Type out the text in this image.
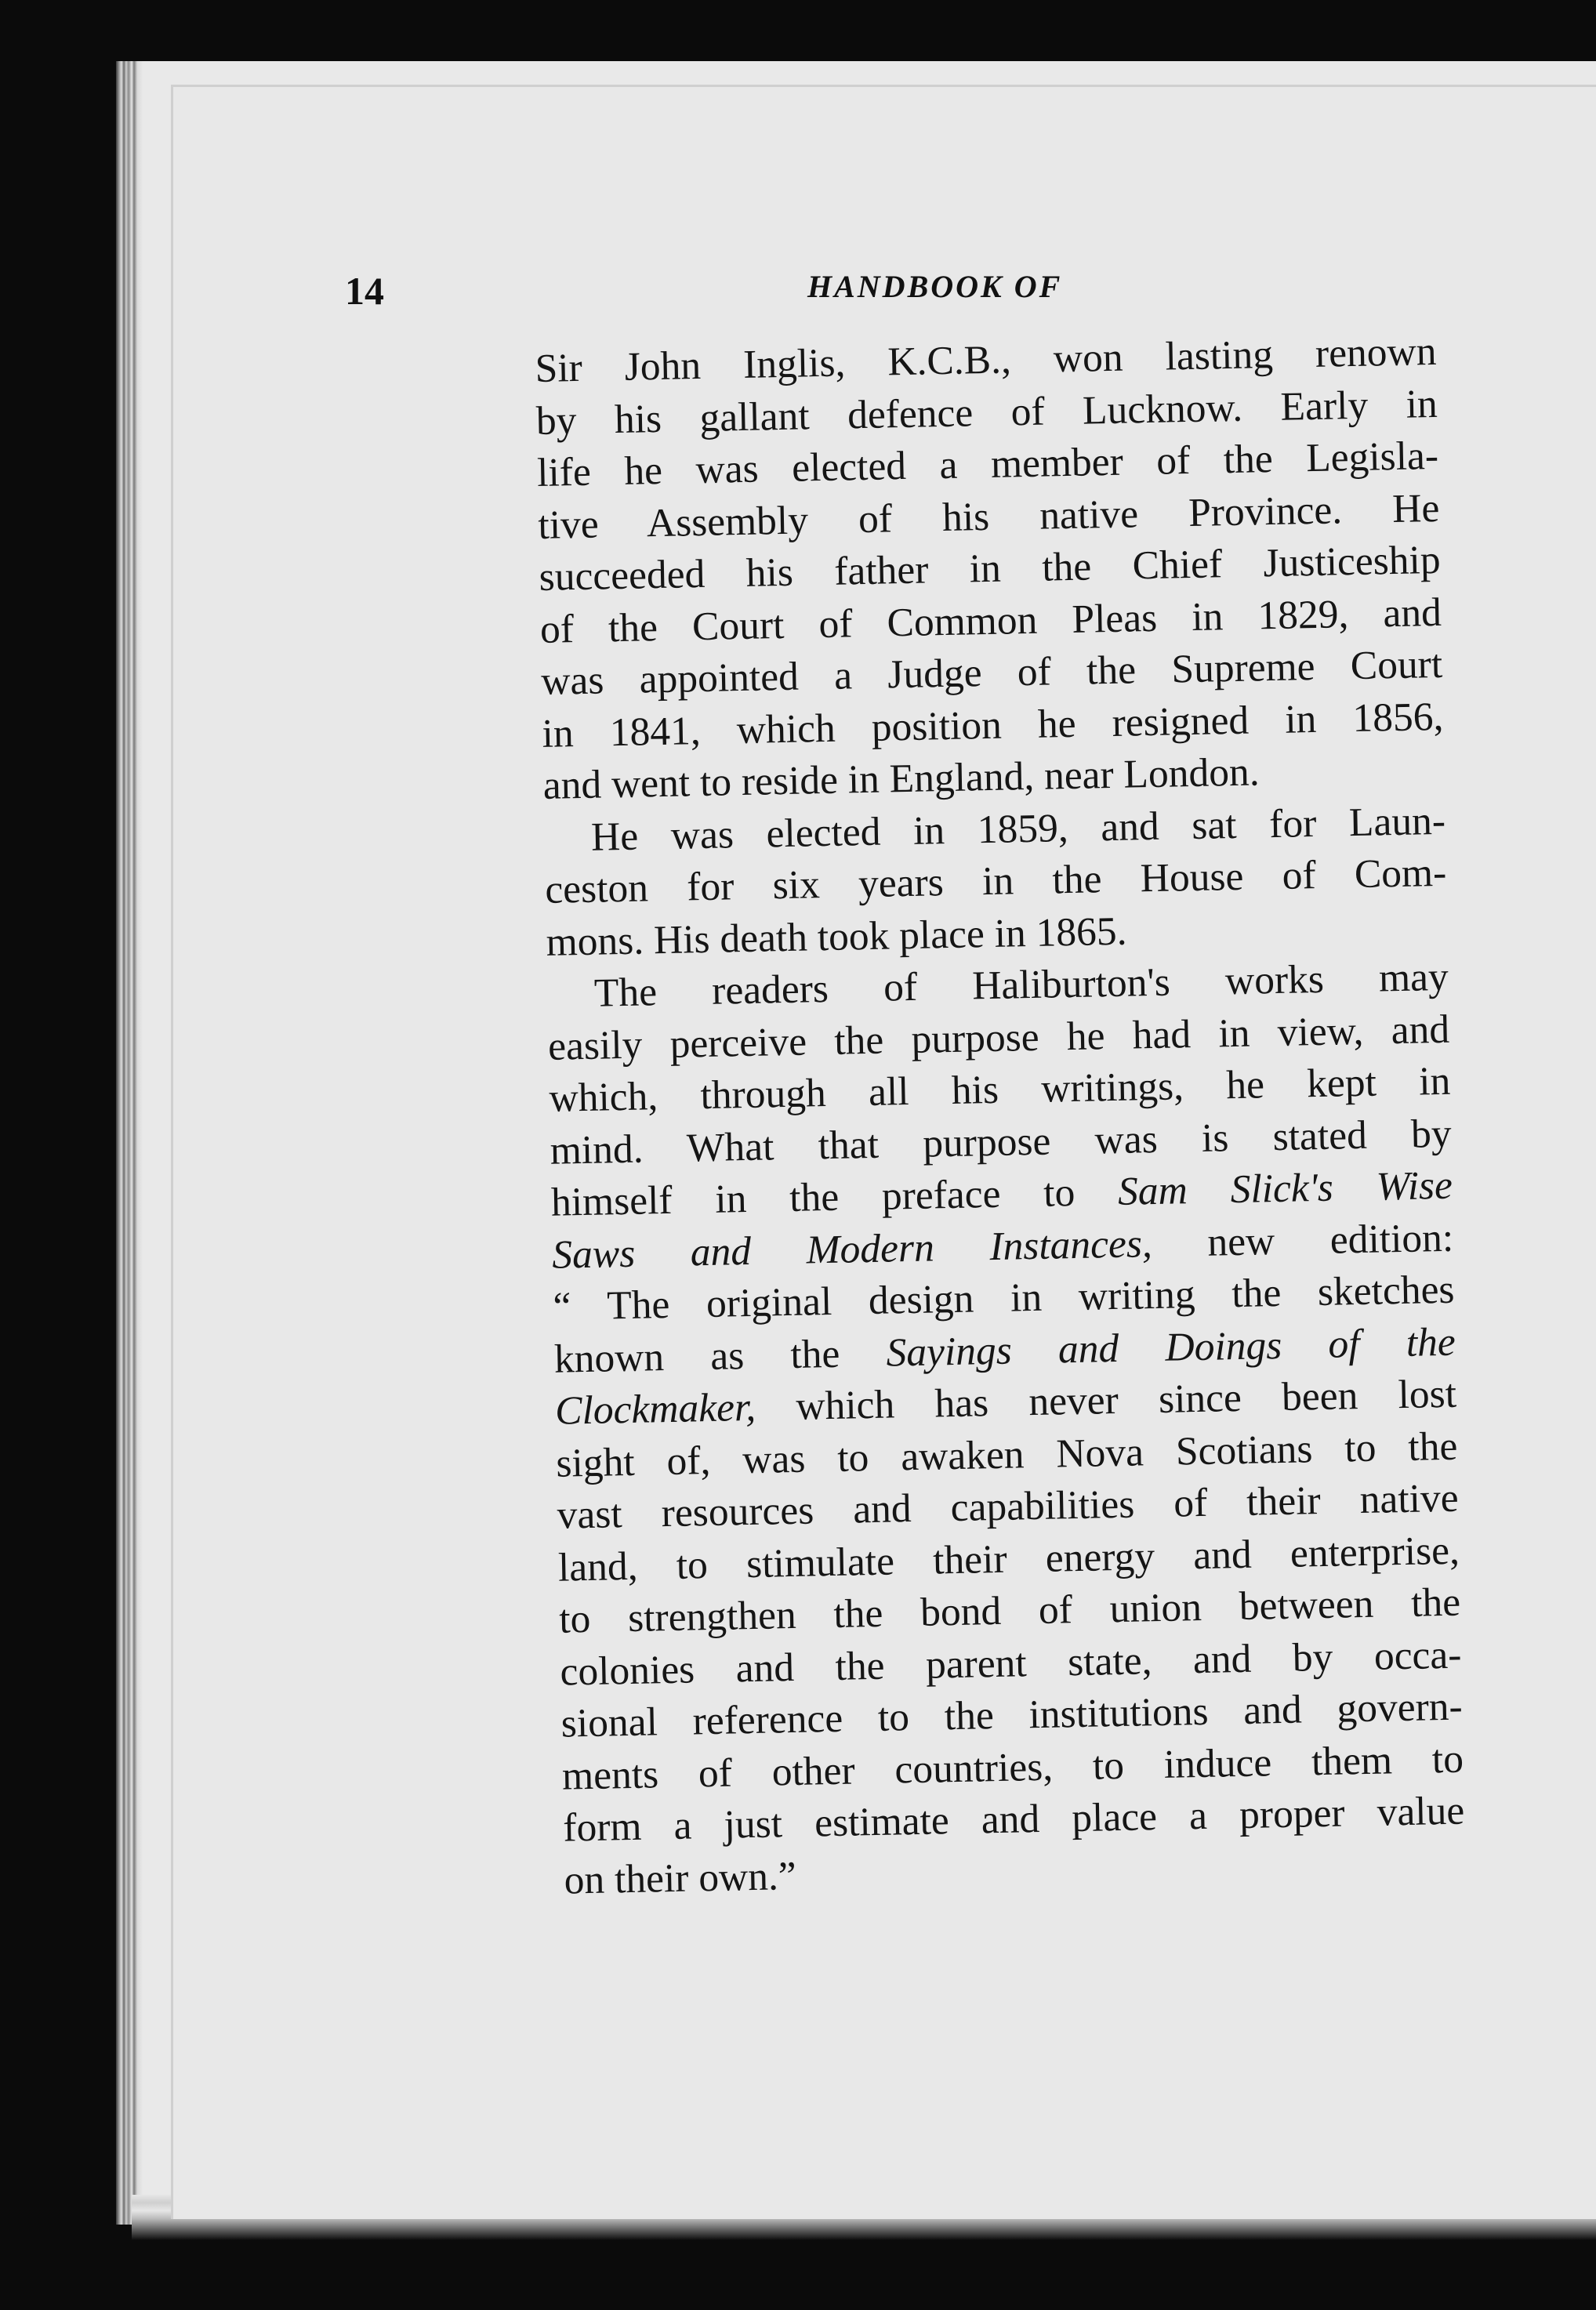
14	HANDBOOK OF
Sir John Inglis, K.C.B., won lasting renown
by his gallant defence of Lucknow. Early in
life he was elected a member of the Legisla-
tive Assembly of his native Province. He
succeeded his father in the Chief Justiceship
of the Court of Common Pleas in 1829, and
was appointed a Judge of the Supreme Court
in 1841, which position he resigned in 1856,
and went to reside in England, near London.
He was elected in 1859, and sat for Laun-
ceston for six years in the House of Com-
mons. His death took place in 1865.
The readers of Haliburton's works may
easily perceive the purpose he had in view, and
which, through all his writings, he kept in
mind. What that purpose was is stated by
himself in the preface to Sam Slick's Wise
Saws and Modern Instances, new edition:
“ The original design in writing the sketches
known as the Sayings and Doings of the
Clockmaker, which has never since been lost
sight of, was to awaken Nova Scotians to the
vast resources and capabilities of their native
land, to stimulate their energy and enterprise,
to strengthen the bond of union between the
colonies and the parent state, and by occa-
sional reference to the institutions and govern-
ments of other countries, to induce them to
form a just estimate and place a proper value
on their own.”
